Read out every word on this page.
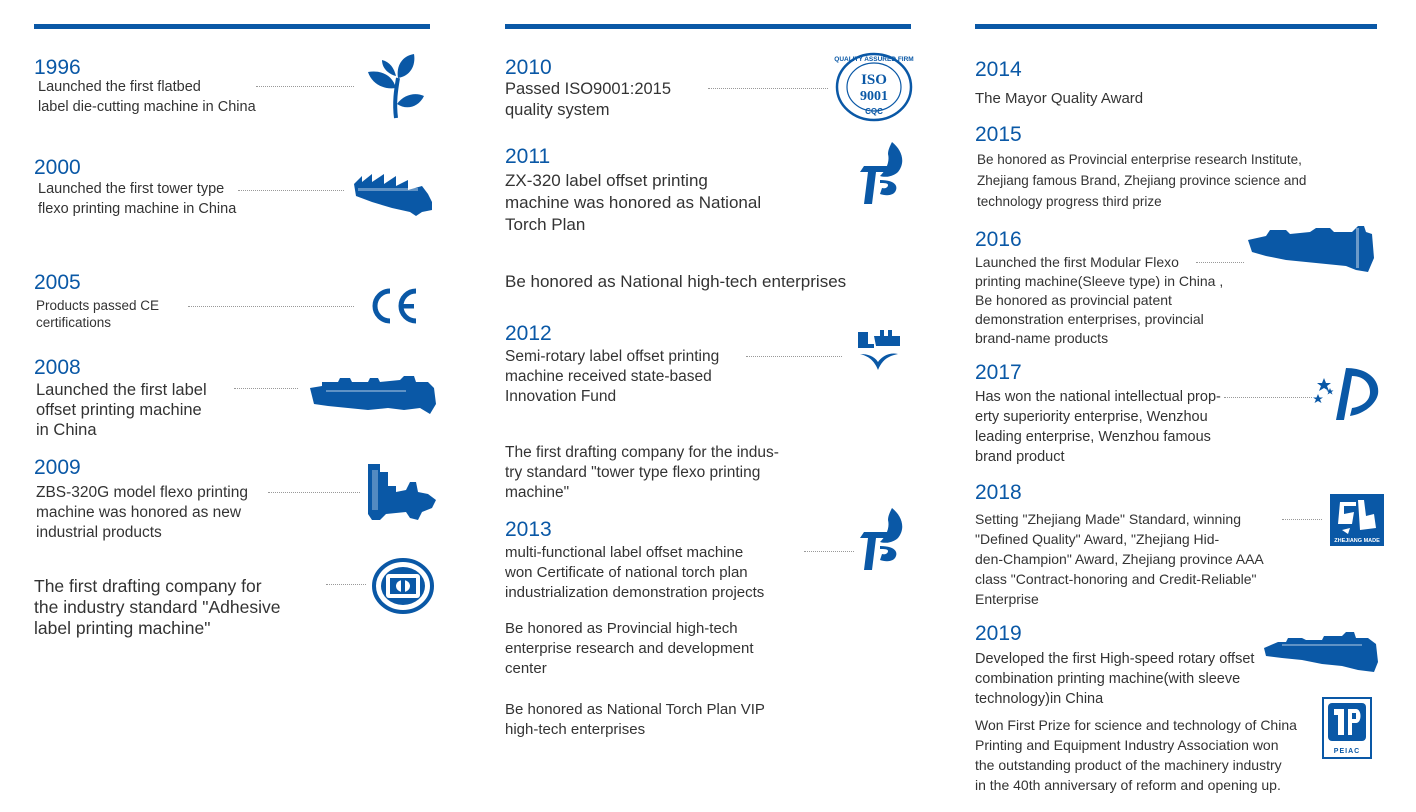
1996
Launched the first flatbed
label die-cutting machine in China
2000
Launched the first tower type
flexo printing machine in China
2005
Products passed CE
certifications
2008
Launched the first label
offset printing machine
in China
2009
ZBS-320G model flexo printing
machine was honored as new
industrial products
The first drafting company for
the industry standard "Adhesive
label printing machine"
2010
Passed ISO9001:2015
quality system
QUALITY ASSURED FIRM
ISO
9001
CQC
2011
ZX-320 label offset printing
machine was honored as National
Torch Plan
Be honored as National high-tech enterprises
2012
Semi-rotary label offset printing
machine received state-based
Innovation Fund
The first drafting company for the indus-
try standard "tower type flexo printing
machine"
2013
multi-functional label offset machine
won Certificate of national torch plan
industrialization demonstration projects
Be honored as Provincial high-tech
enterprise research and development
center
Be honored as National Torch Plan VIP
high-tech enterprises
2014
The Mayor Quality Award
2015
Be honored as Provincial enterprise research Institute,
Zhejiang famous Brand, Zhejiang province science and
technology progress third prize
2016
Launched the first Modular Flexo
printing machine(Sleeve type) in China ,
Be honored as provincial patent
demonstration enterprises, provincial
brand-name products
2017
Has won the national intellectual prop-
erty superiority enterprise, Wenzhou
leading enterprise, Wenzhou famous
brand product
2018
Setting "Zhejiang Made" Standard, winning
"Defined Quality" Award, "Zhejiang Hid-
den-Champion" Award, Zhejiang province AAA
class "Contract-honoring and Credit-Reliable"
Enterprise
ZHEJIANG MADE
2019
Developed the first High-speed rotary offset
combination printing machine(with sleeve
technology)in China
Won First Prize for science and technology of China
Printing and Equipment Industry Association won
the outstanding product of the machinery industry
in the 40th anniversary of reform and opening up.
PEIAC
